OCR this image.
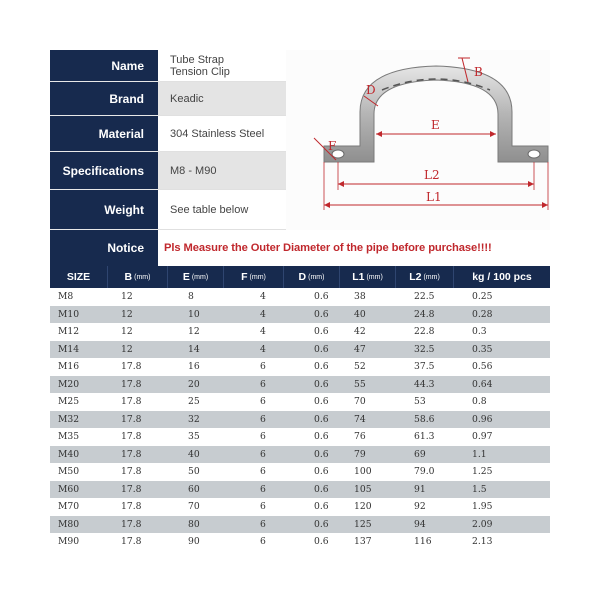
Name	Tube Strap
Tension Clip
Brand	Keadic
Material	304 Stainless Steel
Specifications	M8 - M90
Weight	See table below
Notice	Pls Measure the Outer Diameter of the pipe before purchase!!!!
B
D
E
F
L2
L1
SIZE	B (mm)	E (mm)	F (mm)	D (mm)	L1 (mm)	L2 (mm)	kg / 100 pcs
M8	12	8	4	0.6	38	22.5	0.25
M10	12	10	4	0.6	40	24.8	0.28
M12	12	12	4	0.6	42	22.8	0.3
M14	12	14	4	0.6	47	32.5	0.35
M16	17.8	16	6	0.6	52	37.5	0.56
M20	17.8	20	6	0.6	55	44.3	0.64
M25	17.8	25	6	0.6	70	53	0.8
M32	17.8	32	6	0.6	74	58.6	0.96
M35	17.8	35	6	0.6	76	61.3	0.97
M40	17.8	40	6	0.6	79	69	1.1
M50	17.8	50	6	0.6	100	79.0	1.25
M60	17.8	60	6	0.6	105	91	1.5
M70	17.8	70	6	0.6	120	92	1.95
M80	17.8	80	6	0.6	125	94	2.09
M90	17.8	90	6	0.6	137	116	2.13
